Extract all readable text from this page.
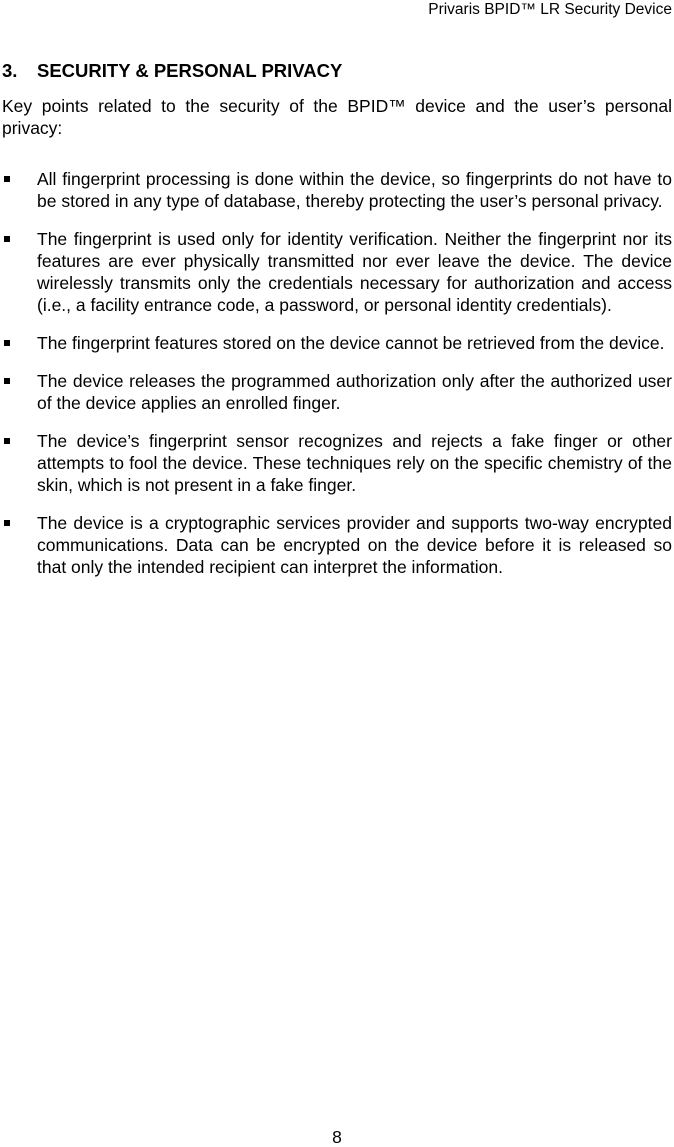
Privaris BPID™ LR Security Device
3. SECURITY & PERSONAL PRIVACY

Key points related to the security of the BPID™ device and the user’s personal privacy:

All fingerprint processing is done within the device, so fingerprints do not have to be stored in any type of database, thereby protecting the user’s personal privacy.
The fingerprint is used only for identity verification. Neither the fingerprint nor its features are ever physically transmitted nor ever leave the device. The device wirelessly transmits only the credentials necessary for authorization and access (i.e., a facility entrance code, a password, or personal identity credentials).
The fingerprint features stored on the device cannot be retrieved from the device.
The device releases the programmed authorization only after the authorized user of the device applies an enrolled finger.
The device’s fingerprint sensor recognizes and rejects a fake finger or other attempts to fool the device. These techniques rely on the specific chemistry of the skin, which is not present in a fake finger.
The device is a cryptographic services provider and supports two-way encrypted communications. Data can be encrypted on the device before it is released so that only the intended recipient can interpret the information.
8
